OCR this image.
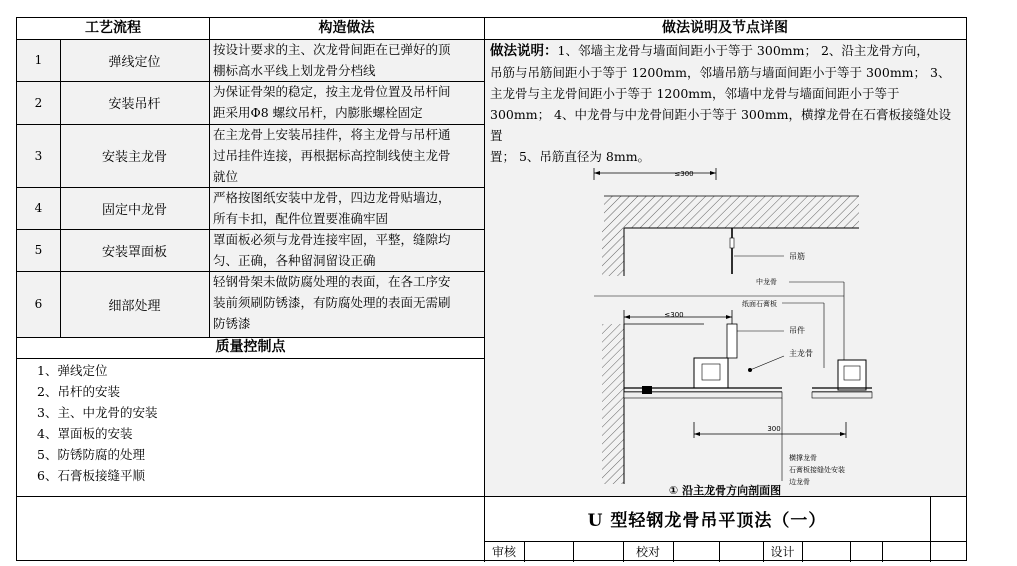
工艺流程	构造做法	做法说明及节点详图
1	弹线定位
按设计要求的主、次龙骨间距在已弹好的顶
棚标高水平线上划龙骨分档线
2	安装吊杆
为保证骨架的稳定，按主龙骨位置及吊杆间
距采用Φ8 螺纹吊杆，内膨胀螺栓固定
3	安装主龙骨
在主龙骨上安装吊挂件，将主龙骨与吊杆通
过吊挂件连接，再根据标高控制线使主龙骨
就位
4	固定中龙骨
严格按图纸安装中龙骨，四边龙骨贴墙边，
所有卡扣，配件位置要准确牢固
5	安装罩面板
罩面板必须与龙骨连接牢固，平整，缝隙均
匀、正确，各种留洞留设正确
6	细部处理
轻钢骨架未做防腐处理的表面，在各工序安
装前须刷防锈漆，有防腐处理的表面无需刷
防锈漆
质量控制点
1、弹线定位
2、吊杆的安装
3、主、中龙骨的安装
4、罩面板的安装
5、防锈防腐的处理
6、石膏板接缝平顺
做法说明：1、邻墙主龙骨与墙面间距小于等于 300mm； 2、沿主龙骨方向，
吊筋与吊筋间距小于等于 1200mm，邻墙吊筋与墙面间距小于等于 300mm； 3、
主龙骨与主龙骨间距小于等于 1200mm，邻墙中龙骨与墙面间距小于等于
300mm； 4、中龙骨与中龙骨间距小于等于 300mm，横撑龙骨在石膏板接缝处设置
置； 5、吊筋直径为 8mm。
≤300
吊筋
中龙骨
纸面石膏板
≤300
吊件
主龙骨
300
横撑龙骨
石膏板接缝处安装
边龙骨
① 沿主龙骨方向剖面图
U 型轻钢龙骨吊平顶法（一）
审核	校对	设计
